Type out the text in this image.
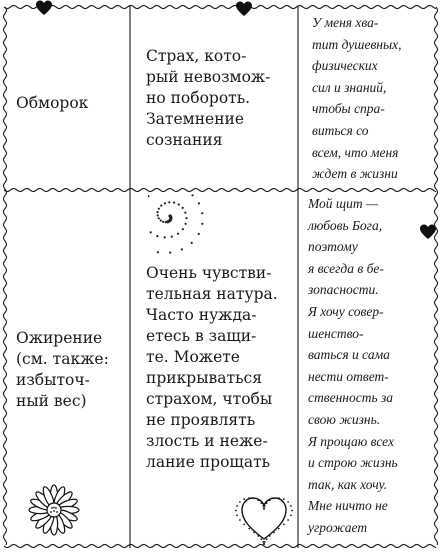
Обморок
Страх, кото-
рый невозмож-
но побороть.
Затемнение
сознания
У меня хва-
тит душевных,
физических
сил и знаний,
чтобы спра-
виться со
всем, что меня
ждет в жизни
Ожирение
(см. также:
избыточ-
ный вес)
Очень чувстви-
тельная натура.
Часто нужда-
етесь в защи-
те. Можете
прикрываться
страхом, чтобы
не проявлять
злость и неже-
лание прощать
Мой щит —
любовь Бога,
поэтому
я всегда в бе-
зопасности.
Я хочу совер-
шенство-
ваться и сама
нести ответ-
ственность за
свою жизнь.
Я прощаю всех
и строю жизнь
так, как хочу.
Мне ничто не
угрожает
